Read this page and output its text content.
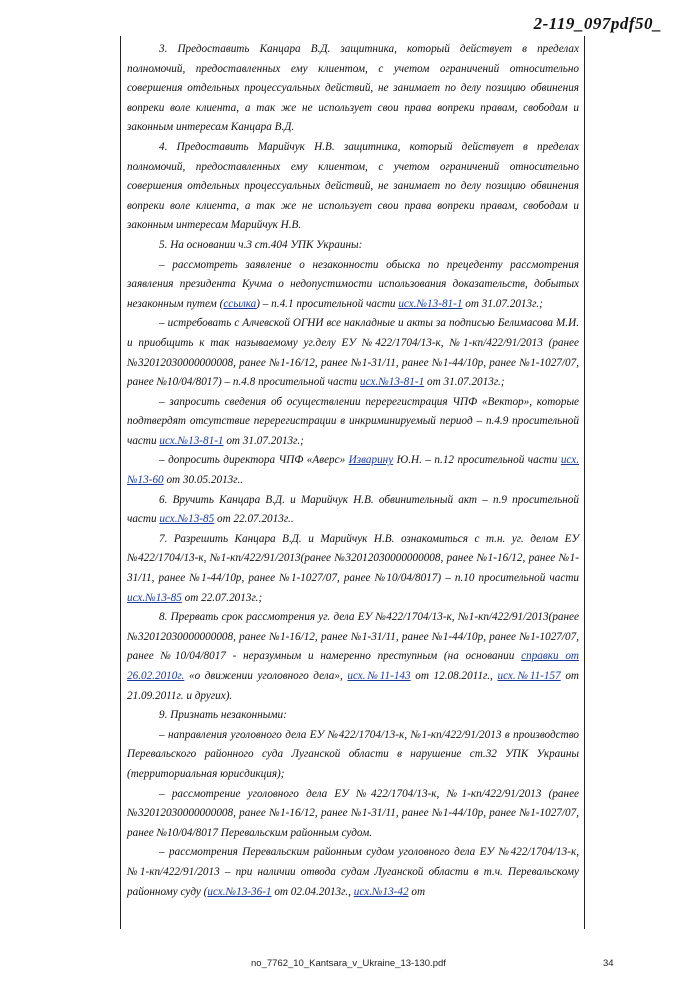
2-119_097pdf50_

3. Предоставить Канцара В.Д. защитника, который действует в пределах полномочий, предоставленных ему клиентом, с учетом ограничений относительно совершения отдельных процессуальных действий, не занимает по делу позицию обвинения вопреки воле клиента, а так же не использует свои права вопреки правам, свободам и законным интересам Канцара В.Д.

4. Предоставить Марийчук Н.В. защитника, который действует в пределах полномочий, предоставленных ему клиентом, с учетом ограничений относительно совершения отдельных процессуальных действий, не занимает по делу позицию обвинения вопреки воле клиента, а так же не использует свои права вопреки правам, свободам и законным интересам Марийчук Н.В.

5. На основании ч.3 ст.404 УПК Украины:

– рассмотреть заявление о незаконности обыска по прецеденту рассмотрения заявления президента Кучма о недопустимости использования доказательств, добытых незаконным путем (ссылка) – п.4.1 просительной части исх.№13-81-1 от 31.07.2013г.;

– истребовать с Алчевской ОГНИ все накладные и акты за подписью Белимасова М.И. и приобщить к так называемому уг.делу ЕУ №422/1704/13-к, №1-кп/422/91/2013 (ранее №32012030000000008, ранее №1-16/12, ранее №1-31/11, ранее №1-44/10р, ранее №1-1027/07, ранее №10/04/8017) – п.4.8 просительной части исх.№13-81-1 от 31.07.2013г.;

– запросить сведения об осуществлении перерегистрация ЧПФ «Вектор», которые подтвердят отсутствие перерегистрации в инкриминируемый период – п.4.9 просительной части исх.№13-81-1 от 31.07.2013г.;

– допросить директора ЧПФ «Аверс» Изварину Ю.Н. – п.12 просительной части исх.№13-60 от 30.05.2013г..

6. Вручить Канцара В.Д. и Марийчук Н.В. обвинительный акт – п.9 просительной части исх.№13-85 от 22.07.2013г..

7. Разрешить Канцара В.Д. и Марийчук Н.В. ознакомиться с т.н. уг. делом ЕУ №422/1704/13-к, №1-кп/422/91/2013(ранее №32012030000000008, ранее №1-16/12, ранее №1-31/11, ранее №1-44/10р, ранее №1-1027/07, ранее №10/04/8017) – п.10 просительной части исх.№13-85 от 22.07.2013г.;

8. Прервать срок рассмотрения уг. дела ЕУ №422/1704/13-к, №1-кп/422/91/2013(ранее №32012030000000008, ранее №1-16/12, ранее №1-31/11, ранее №1-44/10р, ранее №1-1027/07, ранее №10/04/8017 - неразумным и намеренно преступным (на основании справки от 26.02.2010г. «о движении уголовного дела», исх.№11-143 от 12.08.2011г., исх.№11-157 от 21.09.2011г. и других).

9. Признать незаконными:

– направления уголовного дела ЕУ №422/1704/13-к, №1-кп/422/91/2013 в производство Перевальского районного суда Луганской области в нарушение ст.32 УПК Украины (территориальная юрисдикция);

– рассмотрение уголовного дела ЕУ №422/1704/13-к, №1-кп/422/91/2013 (ранее №32012030000000008, ранее №1-16/12, ранее №1-31/11, ранее №1-44/10р, ранее №1-1027/07, ранее №10/04/8017 Перевальским районным судом.

– рассмотрения Перевальским районным судом уголовного дела ЕУ №422/1704/13-к, №1-кп/422/91/2013 – при наличии отвода судам Луганской области в т.ч. Перевальскому районному суду (исх.№13-36-1 от 02.04.2013г., исх.№13-42 от

no_7762_10_Kantsara_v_Ukraine_13-130.pdf	34
